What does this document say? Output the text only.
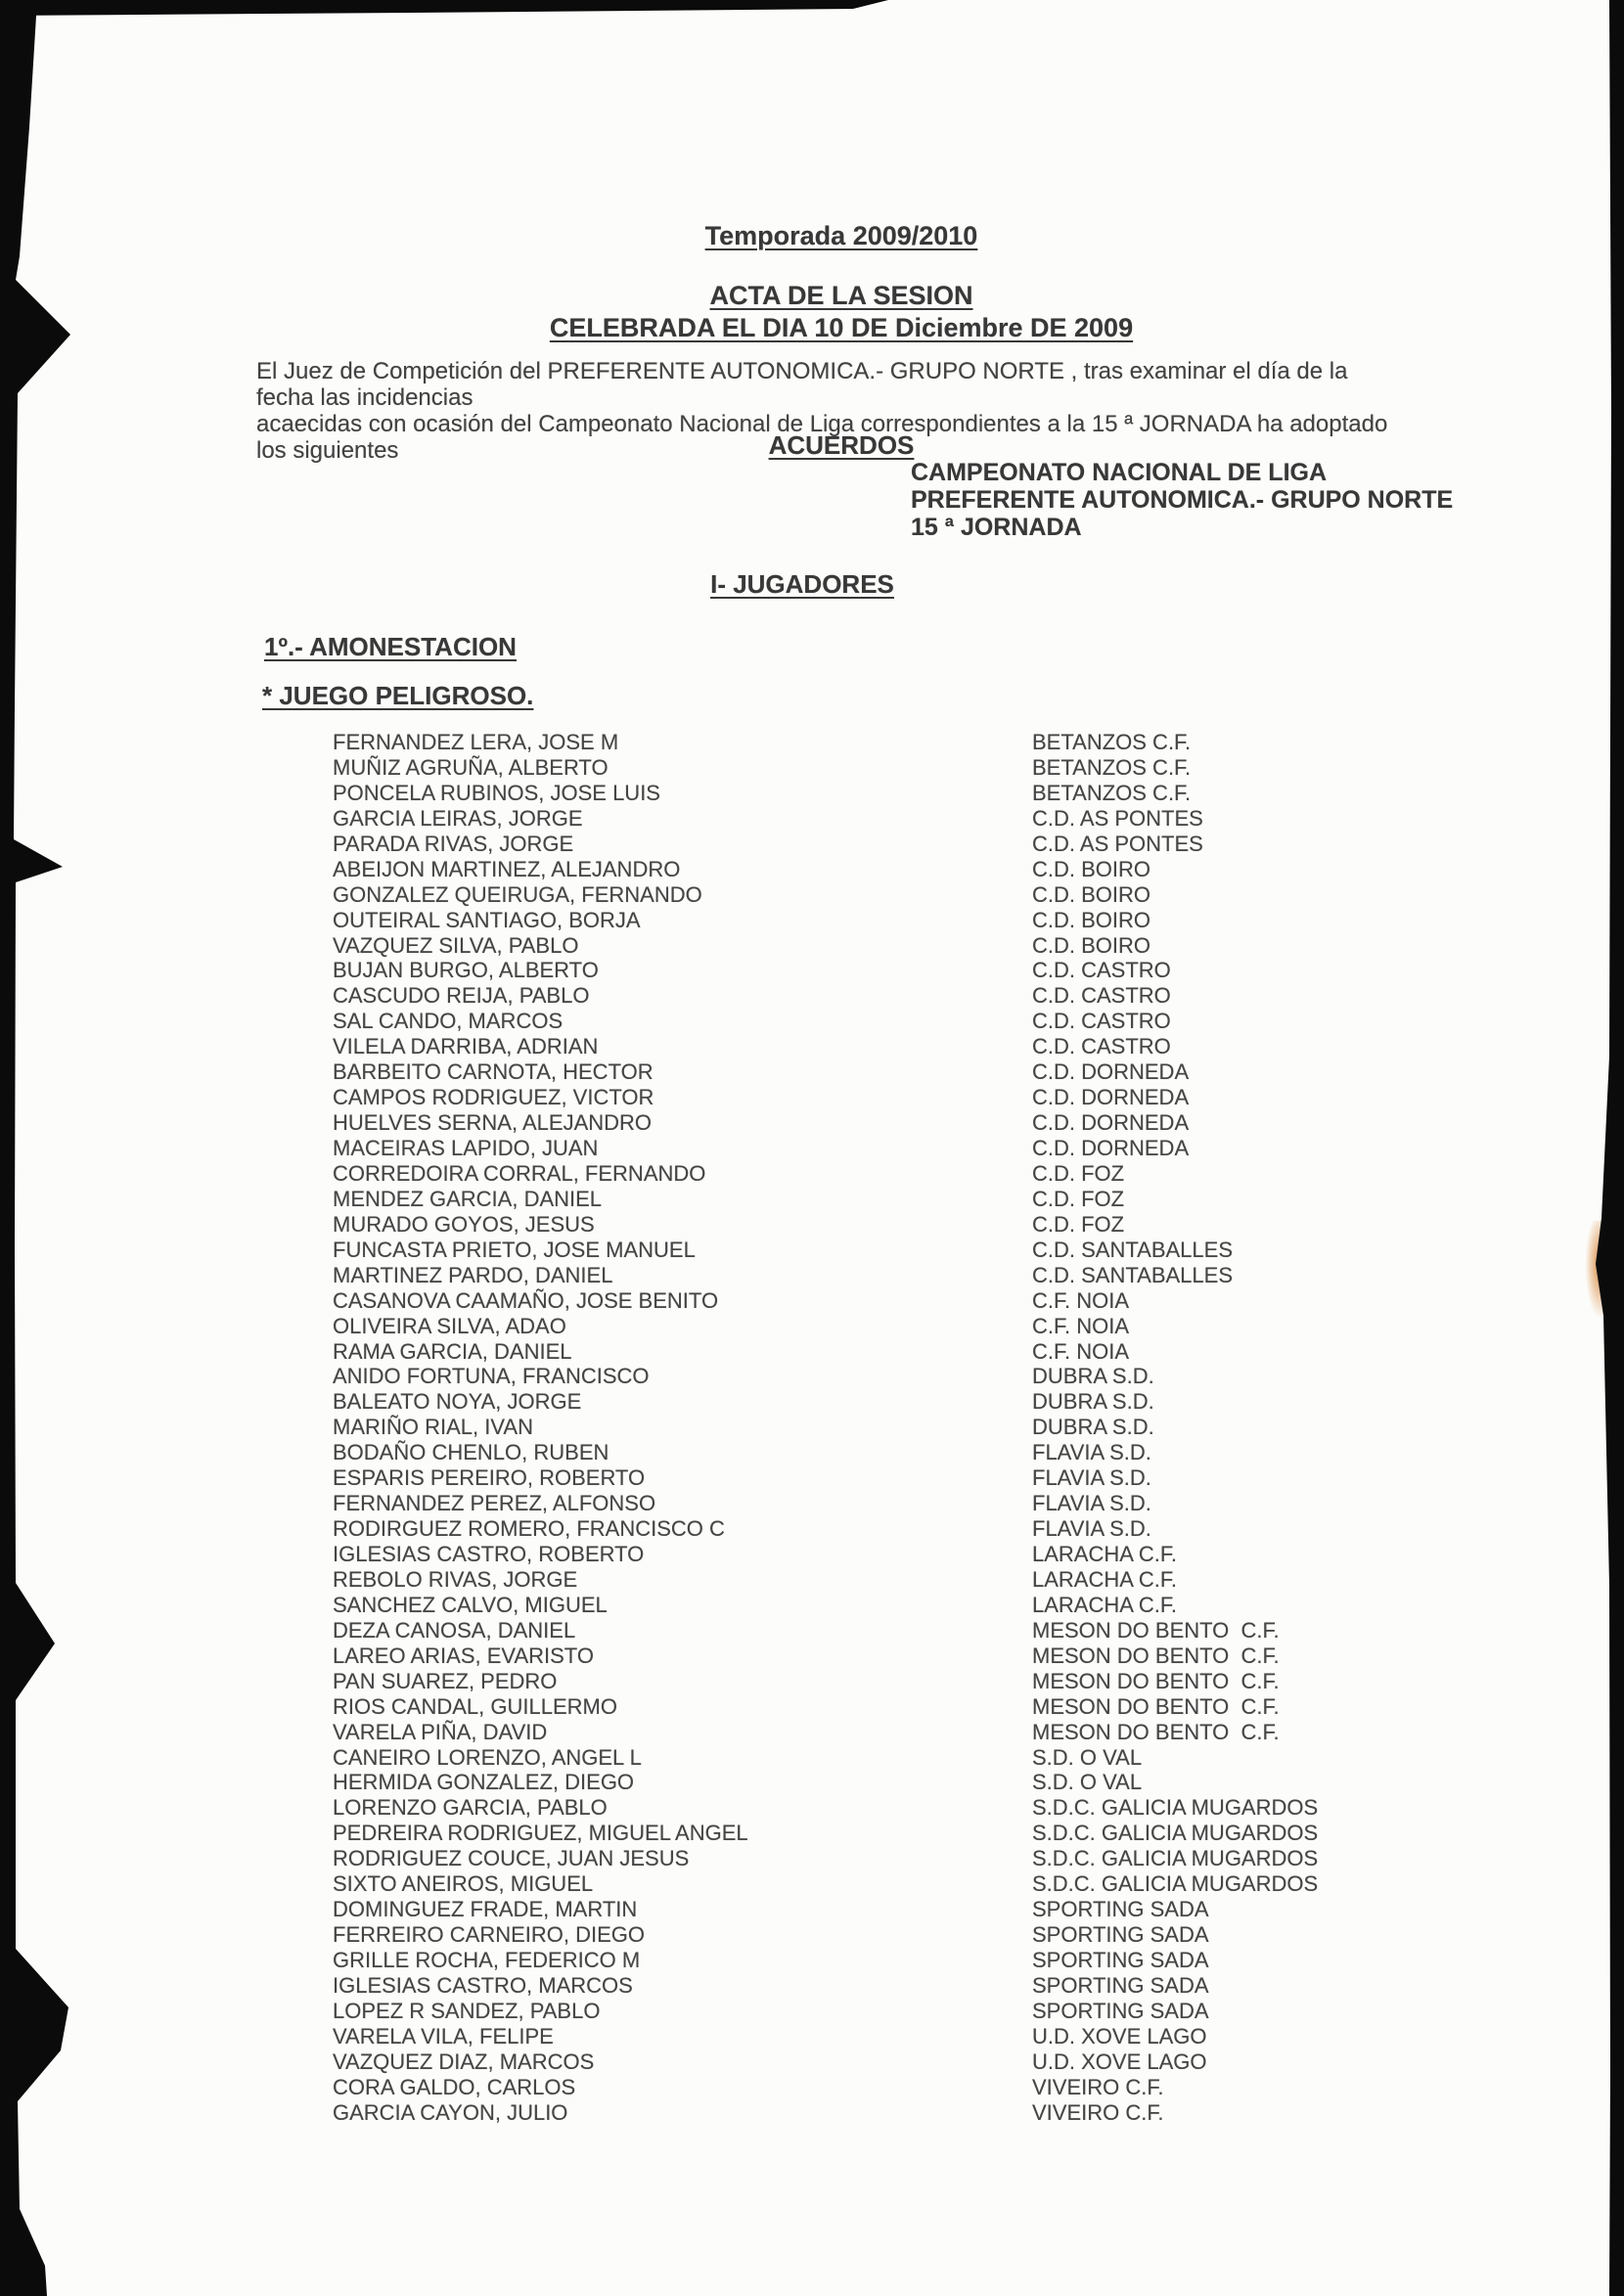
Temporada 2009/2010
ACTA DE LA SESION
CELEBRADA EL DIA 10 DE Diciembre DE 2009
El Juez de Competición del PREFERENTE AUTONOMICA.- GRUPO NORTE , tras examinar el día de la fecha las incidencias
acaecidas con ocasión del Campeonato Nacional de Liga correspondientes a la 15 ª JORNADA ha adoptado los siguientes	ACUERDOS
CAMPEONATO NACIONAL DE LIGA
PREFERENTE AUTONOMICA.- GRUPO NORTE
15 ª JORNADA
I- JUGADORES
1º.- AMONESTACION
* JUEGO PELIGROSO.
FERNANDEZ LERA, JOSE M	BETANZOS C.F.
MUÑIZ AGRUÑA, ALBERTO	BETANZOS C.F.
PONCELA RUBINOS, JOSE LUIS	BETANZOS C.F.
GARCIA LEIRAS, JORGE	C.D. AS PONTES
PARADA RIVAS, JORGE	C.D. AS PONTES
ABEIJON MARTINEZ, ALEJANDRO	C.D. BOIRO
GONZALEZ QUEIRUGA, FERNANDO	C.D. BOIRO
OUTEIRAL SANTIAGO, BORJA	C.D. BOIRO
VAZQUEZ SILVA, PABLO	C.D. BOIRO
BUJAN BURGO, ALBERTO	C.D. CASTRO
CASCUDO REIJA, PABLO	C.D. CASTRO
SAL CANDO, MARCOS	C.D. CASTRO
VILELA DARRIBA, ADRIAN	C.D. CASTRO
BARBEITO CARNOTA, HECTOR	C.D. DORNEDA
CAMPOS RODRIGUEZ, VICTOR	C.D. DORNEDA
HUELVES SERNA, ALEJANDRO	C.D. DORNEDA
MACEIRAS LAPIDO, JUAN	C.D. DORNEDA
CORREDOIRA CORRAL, FERNANDO	C.D. FOZ
MENDEZ GARCIA, DANIEL	C.D. FOZ
MURADO GOYOS, JESUS	C.D. FOZ
FUNCASTA PRIETO, JOSE MANUEL	C.D. SANTABALLES
MARTINEZ PARDO, DANIEL	C.D. SANTABALLES
CASANOVA CAAMAÑO, JOSE BENITO	C.F. NOIA
OLIVEIRA SILVA, ADAO	C.F. NOIA
RAMA GARCIA, DANIEL	C.F. NOIA
ANIDO FORTUNA, FRANCISCO	DUBRA S.D.
BALEATO NOYA, JORGE	DUBRA S.D.
MARIÑO RIAL, IVAN	DUBRA S.D.
BODAÑO CHENLO, RUBEN	FLAVIA S.D.
ESPARIS PEREIRO, ROBERTO	FLAVIA S.D.
FERNANDEZ PEREZ, ALFONSO	FLAVIA S.D.
RODIRGUEZ ROMERO, FRANCISCO C	FLAVIA S.D.
IGLESIAS CASTRO, ROBERTO	LARACHA C.F.
REBOLO RIVAS, JORGE	LARACHA C.F.
SANCHEZ CALVO, MIGUEL	LARACHA C.F.
DEZA CANOSA, DANIEL	MESON DO BENTO  C.F.
LAREO ARIAS, EVARISTO	MESON DO BENTO  C.F.
PAN SUAREZ, PEDRO	MESON DO BENTO  C.F.
RIOS CANDAL, GUILLERMO	MESON DO BENTO  C.F.
VARELA PIÑA, DAVID	MESON DO BENTO  C.F.
CANEIRO LORENZO, ANGEL L	S.D. O VAL
HERMIDA GONZALEZ, DIEGO	S.D. O VAL
LORENZO GARCIA, PABLO	S.D.C. GALICIA MUGARDOS
PEDREIRA RODRIGUEZ, MIGUEL ANGEL	S.D.C. GALICIA MUGARDOS
RODRIGUEZ COUCE, JUAN JESUS	S.D.C. GALICIA MUGARDOS
SIXTO ANEIROS, MIGUEL	S.D.C. GALICIA MUGARDOS
DOMINGUEZ FRADE, MARTIN	SPORTING SADA
FERREIRO CARNEIRO, DIEGO	SPORTING SADA
GRILLE ROCHA, FEDERICO M	SPORTING SADA
IGLESIAS CASTRO, MARCOS	SPORTING SADA
LOPEZ R SANDEZ, PABLO	SPORTING SADA
VARELA VILA, FELIPE	U.D. XOVE LAGO
VAZQUEZ DIAZ, MARCOS	U.D. XOVE LAGO
CORA GALDO, CARLOS	VIVEIRO C.F.
GARCIA CAYON, JULIO	VIVEIRO C.F.
